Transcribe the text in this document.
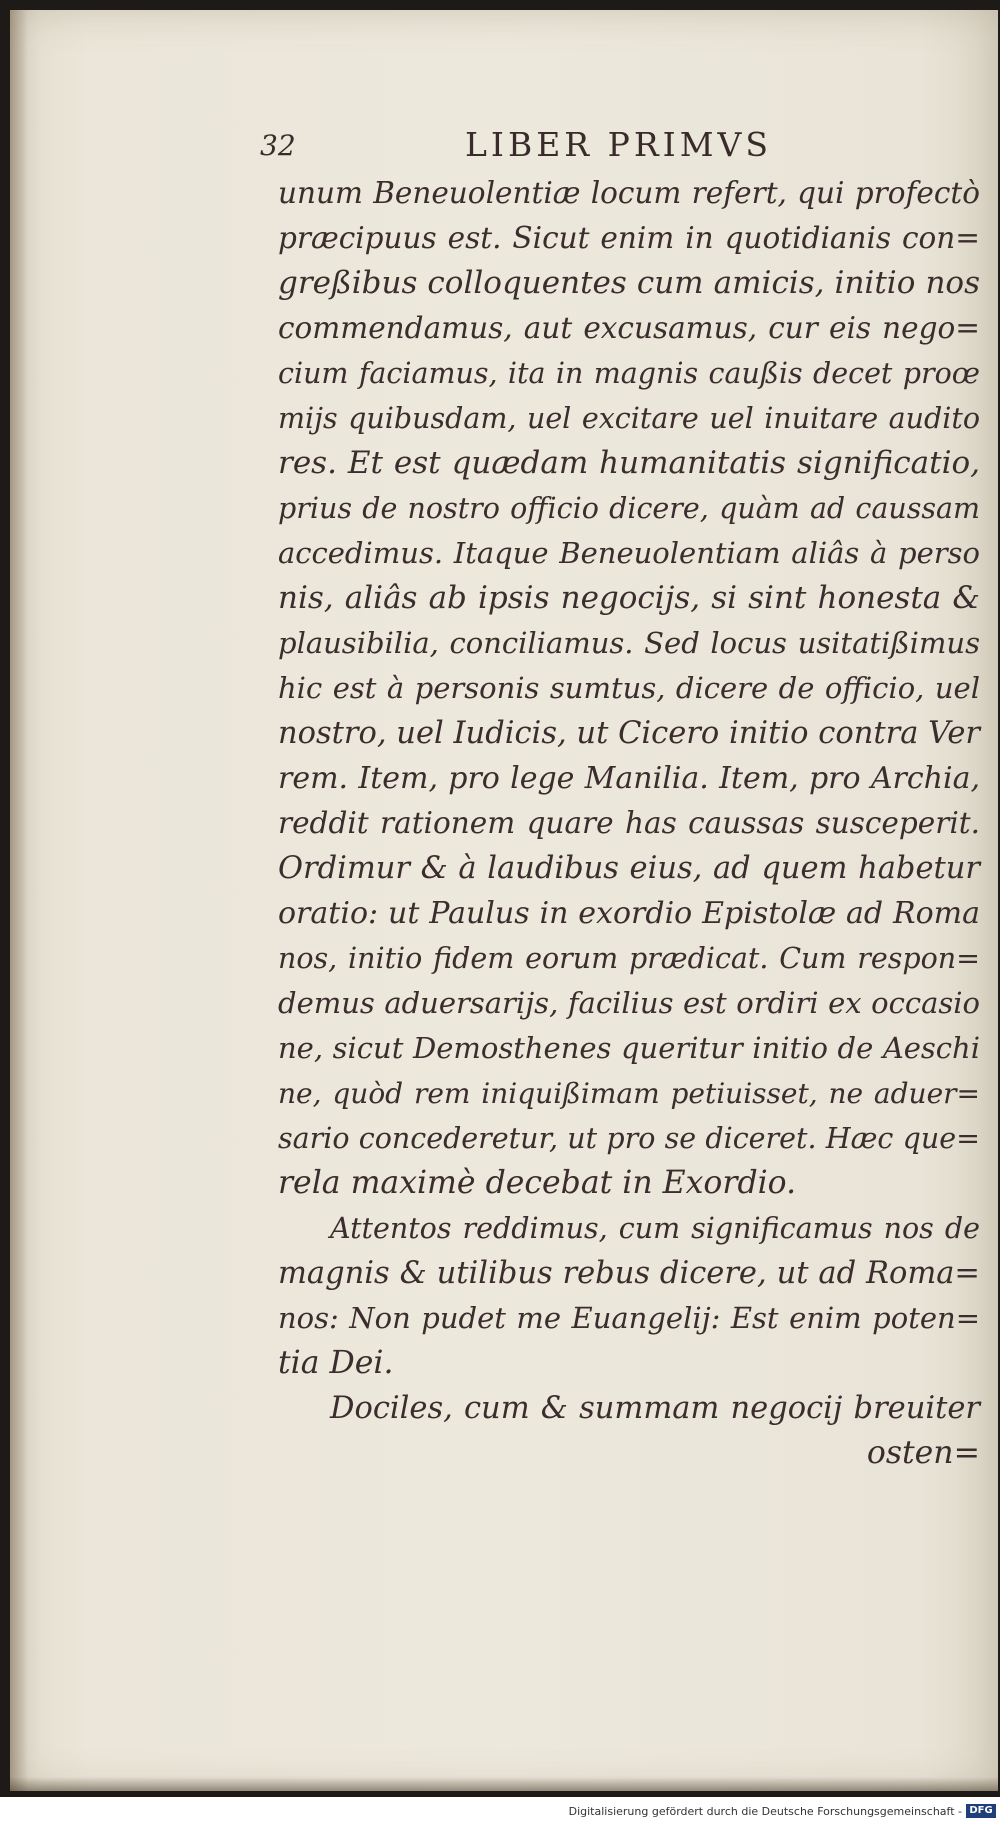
32	LIBER PRIMVS
unum Beneuolentiæ locum refert, qui profectò
præcipuus est. Sicut enim in quotidianis con=
greßibus colloquentes cum amicis, initio nos
commendamus, aut excusamus, cur eis nego=
cium faciamus, ita in magnis caußis decet proœ
mijs quibusdam, uel excitare uel inuitare audito
res. Et est quædam humanitatis significatio,
prius de nostro officio dicere, quàm ad caussam
accedimus. Itaque Beneuolentiam aliâs à perso
nis, aliâs ab ipsis negocijs, si sint honesta &
plausibilia, conciliamus. Sed locus usitatißimus
hic est à personis sumtus, dicere de officio, uel
nostro, uel Iudicis, ut Cicero initio contra Ver
rem. Item, pro lege Manilia. Item, pro Archia,
reddit rationem quare has caussas susceperit.
Ordimur & à laudibus eius, ad quem habetur
oratio: ut Paulus in exordio Epistolæ ad Roma
nos, initio fidem eorum prædicat. Cum respon=
demus aduersarijs, facilius est ordiri ex occasio
ne, sicut Demosthenes queritur initio de Aeschi
ne, quòd rem iniquißimam petiuisset, ne aduer=
sario concederetur, ut pro se diceret. Hæc que=
rela maximè decebat in Exordio.
Attentos reddimus, cum significamus nos de
magnis & utilibus rebus dicere, ut ad Roma=
nos: Non pudet me Euangelij: Est enim poten=
tia Dei.
Dociles, cum & summam negocij breuiter
osten=
Digitalisierung gefördert durch die Deutsche Forschungsgemeinschaft - DFG
